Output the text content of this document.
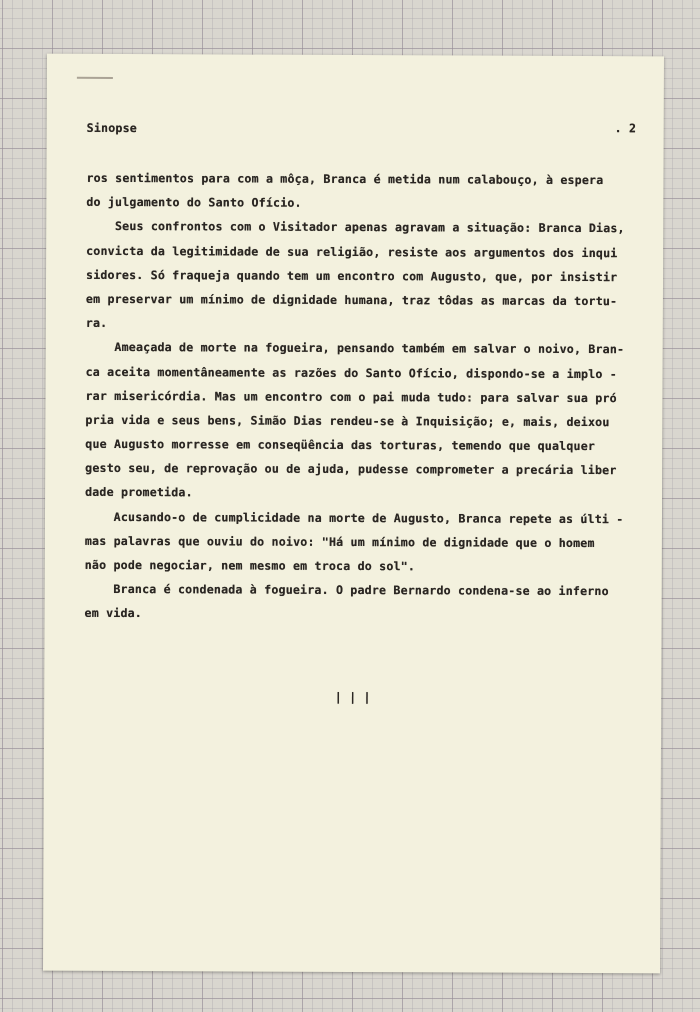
Sinopse	. 2
ros sentimentos para com a môça, Branca é metida num calabouço, à espera
do julgamento do Santo Ofício.
Seus confrontos com o Visitador apenas agravam a situação: Branca Dias,
convicta da legitimidade de sua religião, resiste aos argumentos dos inqui
sidores. Só fraqueja quando tem um encontro com Augusto, que, por insistir
em preservar um mínimo de dignidade humana, traz tôdas as marcas da tortu-
ra.
Ameaçada de morte na fogueira, pensando também em salvar o noivo, Bran-
ca aceita momentâneamente as razões do Santo Ofício, dispondo-se a implo -
rar misericórdia. Mas um encontro com o pai muda tudo: para salvar sua pró
pria vida e seus bens, Simão Dias rendeu-se à Inquisição; e, mais, deixou
que Augusto morresse em conseqüência das torturas, temendo que qualquer
gesto seu, de reprovação ou de ajuda, pudesse comprometer a precária liber
dade prometida.
Acusando-o de cumplicidade na morte de Augusto, Branca repete as últi -
mas palavras que ouviu do noivo: "Há um mínimo de dignidade que o homem
não pode negociar, nem mesmo em troca do sol".
Branca é condenada à fogueira. O padre Bernardo condena-se ao inferno
em vida.
| | |
